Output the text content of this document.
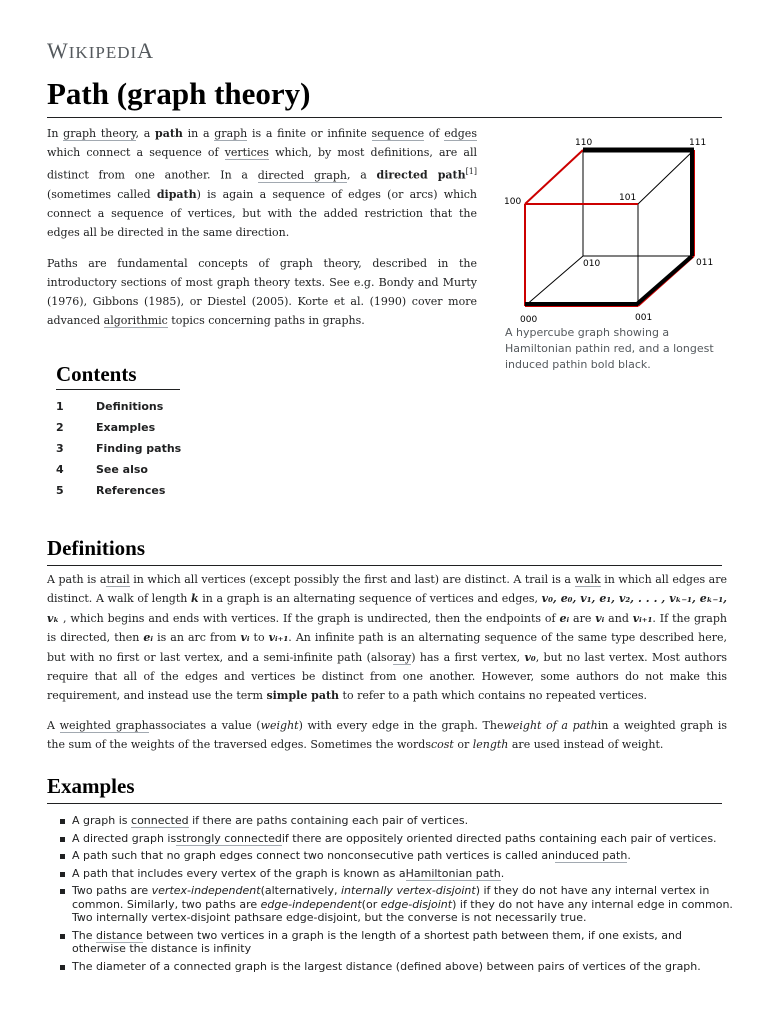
WIKIPEDIA
Path (graph theory)

In graph theory, a path in a graph is a finite or infinite sequence of edges which connect a sequence of vertices which, by most definitions, are all distinct from one another. In a directed graph, a directed path[1] (sometimes called dipath) is again a sequence of edges (or arcs) which connect a sequence of vertices, but with the added restriction that the edges all be directed in the same direction.

Paths are fundamental concepts of graph theory, described in the introductory sections of most graph theory texts. See e.g. Bondy and Murty (1976), Gibbons (1985), or Diestel (2005). Korte et al. (1990) cover more advanced algorithmic topics concerning paths in graphs.

110	111
100	101
010	011
000	001
A hypercube graph showing a Hamiltonian pathin red, and a longest induced pathin bold black.
Contents
1	Definitions
2	Examples
3	Finding paths
4	See also
5	References
Definitions

A path is atrail in which all vertices (except possibly the first and last) are distinct. A trail is a walk in which all edges are distinct. A walk of length k in a graph is an alternating sequence of vertices and edges, v₀, e₀, v₁, e₁, v₂, . . . , vₖ₋₁, eₖ₋₁, vₖ , which begins and ends with vertices. If the graph is undirected, then the endpoints of eᵢ are vᵢ and vᵢ₊₁. If the graph is directed, then eᵢ is an arc from vᵢ to vᵢ₊₁. An infinite path is an alternating sequence of the same type described here, but with no first or last vertex, and a semi-infinite path (alsoray) has a first vertex, v₀, but no last vertex. Most authors require that all of the edges and vertices be distinct from one another. However, some authors do not make this requirement, and instead use the term simple path to refer to a path which contains no repeated vertices.

A weighted graphassociates a value (weight) with every edge in the graph. Theweight of a pathin a weighted graph is the sum of the weights of the traversed edges. Sometimes the wordscost or length are used instead of weight.

Examples
A graph is connected if there are paths containing each pair of vertices.
A directed graph isstrongly connectedif there are oppositely oriented directed paths containing each pair of vertices.
A path such that no graph edges connect two nonconsecutive path vertices is called aninduced path.
A path that includes every vertex of the graph is known as aHamiltonian path.
Two paths are vertex-independent(alternatively, internally vertex-disjoint) if they do not have any internal vertex in common. Similarly, two paths are edge-independent(or edge-disjoint) if they do not have any internal edge in common. Two internally vertex-disjoint pathsare edge-disjoint, but the converse is not necessarily true.
The distance between two vertices in a graph is the length of a shortest path between them, if one exists, and otherwise the distance is infinity
The diameter of a connected graph is the largest distance (defined above) between pairs of vertices of the graph.
